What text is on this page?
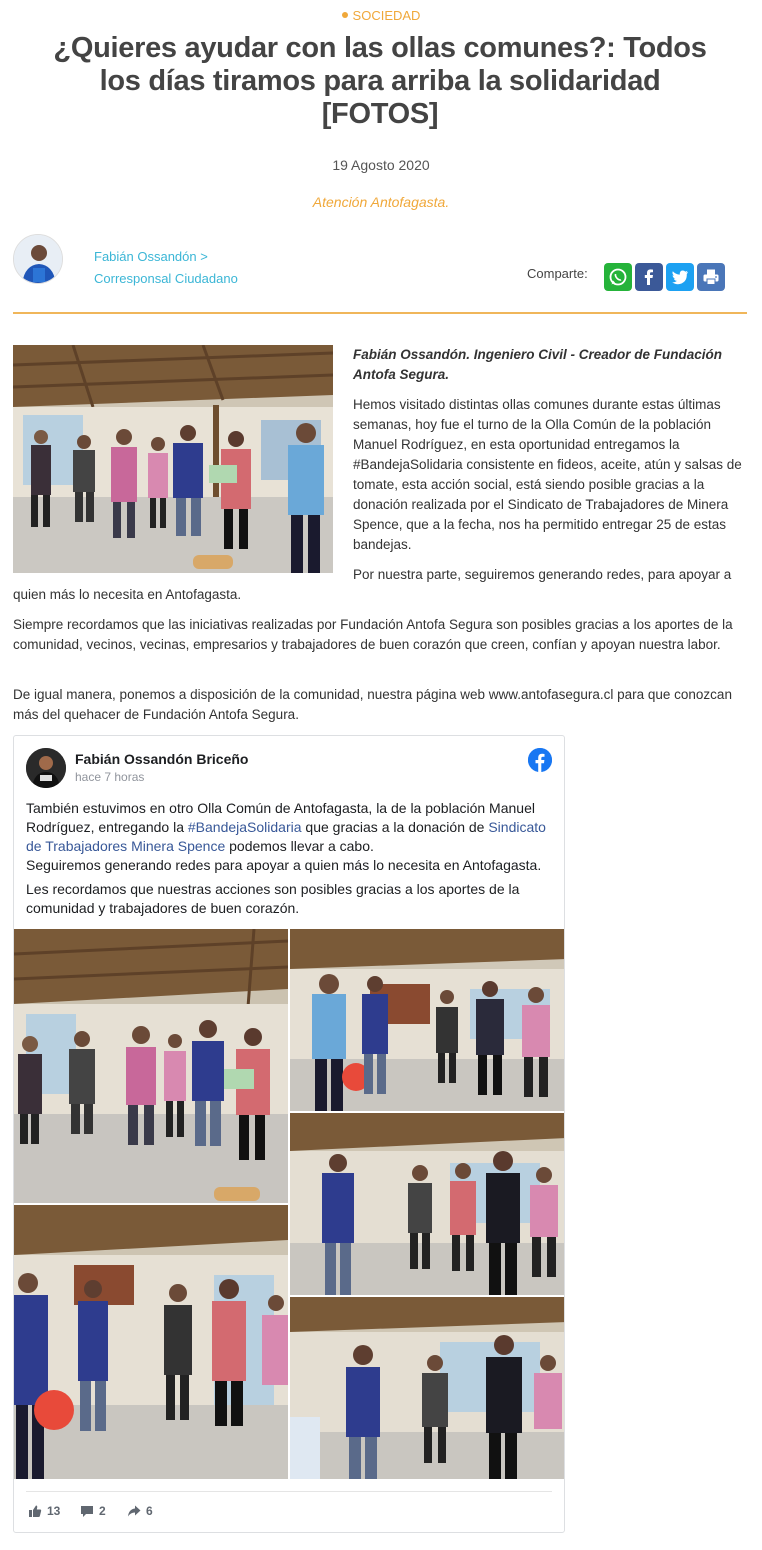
SOCIEDAD
¿Quieres ayudar con las ollas comunes?: Todos los días tiramos para arriba la solidaridad [FOTOS]
19 Agosto 2020
Atención Antofagasta.
Fabián Ossandón >
Corresponsal Ciudadano	Comparte:
Fabián Ossandón. Ingeniero Civil - Creador de Fundación Antofa Segura.

Hemos visitado distintas ollas comunes durante estas últimas semanas, hoy fue el turno de la Olla Común de la población Manuel Rodríguez, en esta oportunidad entregamos la #BandejaSolidaria consistente en fideos, aceite, atún y salsas de tomate, esta acción social, está siendo posible gracias a la donación realizada por el Sindicato de Trabajadores de Minera Spence, que a la fecha, nos ha permitido entregar 25 de estas bandejas.

Por nuestra parte, seguiremos generando redes, para apoyar a

quien más lo necesita en Antofagasta.

Siempre recordamos que las iniciativas realizadas por Fundación Antofa Segura son posibles gracias a los aportes de la comunidad, vecinos, vecinas, empresarios y trabajadores de buen corazón que creen, confían y apoyan nuestra labor.

De igual manera, ponemos a disposición de la comunidad, nuestra página web www.antofasegura.cl para que conozcan más del quehacer de Fundación Antofa Segura.

Fabián Ossandón Briceño
hace 7 horas
También estuvimos en otro Olla Común de Antofagasta, la de la población Manuel Rodríguez, entregando la #BandejaSolidaria que gracias a la donación de Sindicato de Trabajadores Minera Spence podemos llevar a cabo.
Seguiremos generando redes para apoyar a quien más lo necesita en Antofagasta.
Les recordamos que nuestras acciones son posibles gracias a los aportes de la comunidad y trabajadores de buen corazón.
13	2	6
